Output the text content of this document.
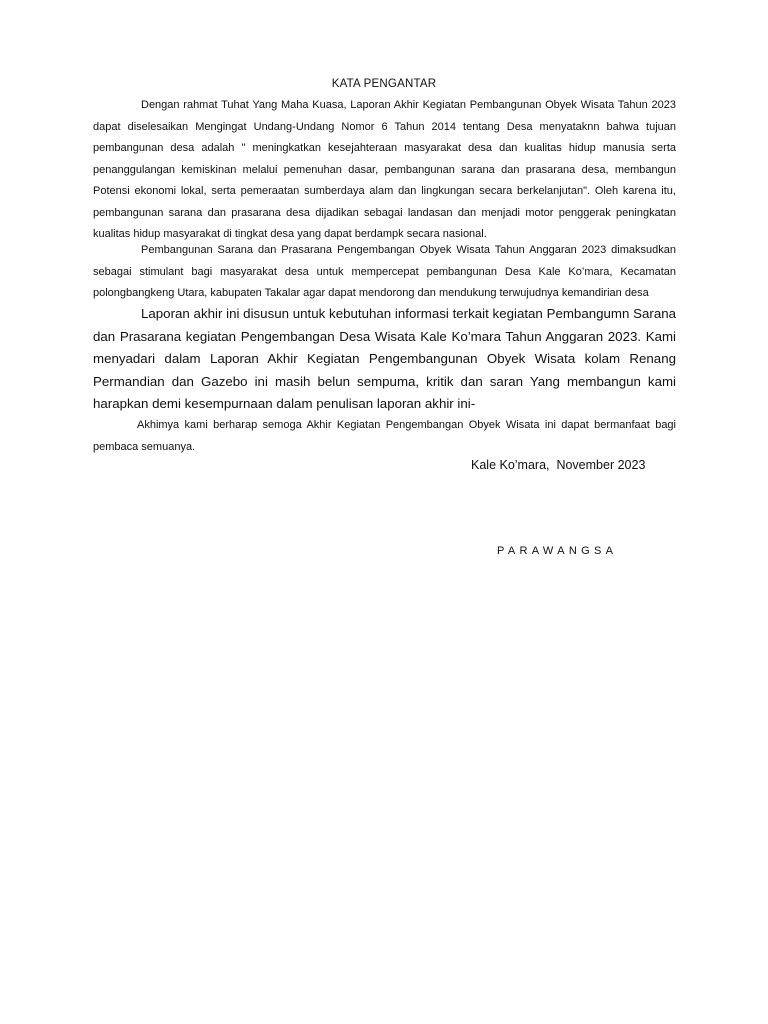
KATA PENGANTAR

Dengan rahmat Tuhat Yang Maha Kuasa, Laporan Akhir Kegiatan Pembangunan Obyek Wisata Tahun 2023 dapat diselesaikan Mengingat Undang-Undang Nomor 6 Tahun 2014 tentang Desa menyataknn bahwa tujuan pembangunan desa adalah " meningkatkan kesejahteraan masyarakat desa dan kualitas hidup manusia serta penanggulangan kemiskinan melalui pemenuhan dasar, pembangunan sarana dan prasarana desa, membangun Potensi ekonomi lokal, serta pemeraatan sumberdaya alam dan lingkungan secara berkelanjutan". Oleh karena itu, pembangunan sarana dan prasarana desa dijadikan sebagai landasan dan menjadi motor penggerak peningkatan kualitas hidup masyarakat di tingkat desa yang dapat berdampk secara nasional.

Pembangunan Sarana dan Prasarana Pengembangan Obyek Wisata Tahun Anggaran 2023 dimaksudkan sebagai stimulant bagi masyarakat desa untuk mempercepat pembangunan Desa Kale Ko’mara, Kecamatan polongbangkeng Utara, kabupaten Takalar agar dapat mendorong dan mendukung terwujudnya kemandirian desa

Laporan akhir ini disusun untuk kebutuhan informasi terkait kegiatan Pembangumn Sarana dan Prasarana kegiatan Pengembangan Desa Wisata Kale Ko’mara Tahun Anggaran 2023. Kami menyadari dalam Laporan Akhir Kegiatan Pengembangunan Obyek Wisata kolam Renang Permandian dan Gazebo ini masih belun sempuma, kritik dan saran Yang membangun kami harapkan demi kesempurnaan dalam penulisan laporan akhir ini-

Akhimya kami berharap semoga Akhir Kegiatan Pengembangan Obyek Wisata ini dapat bermanfaat bagi pembaca semuanya.

Kale Ko’mara,  November 2023
PARAWANGSA
